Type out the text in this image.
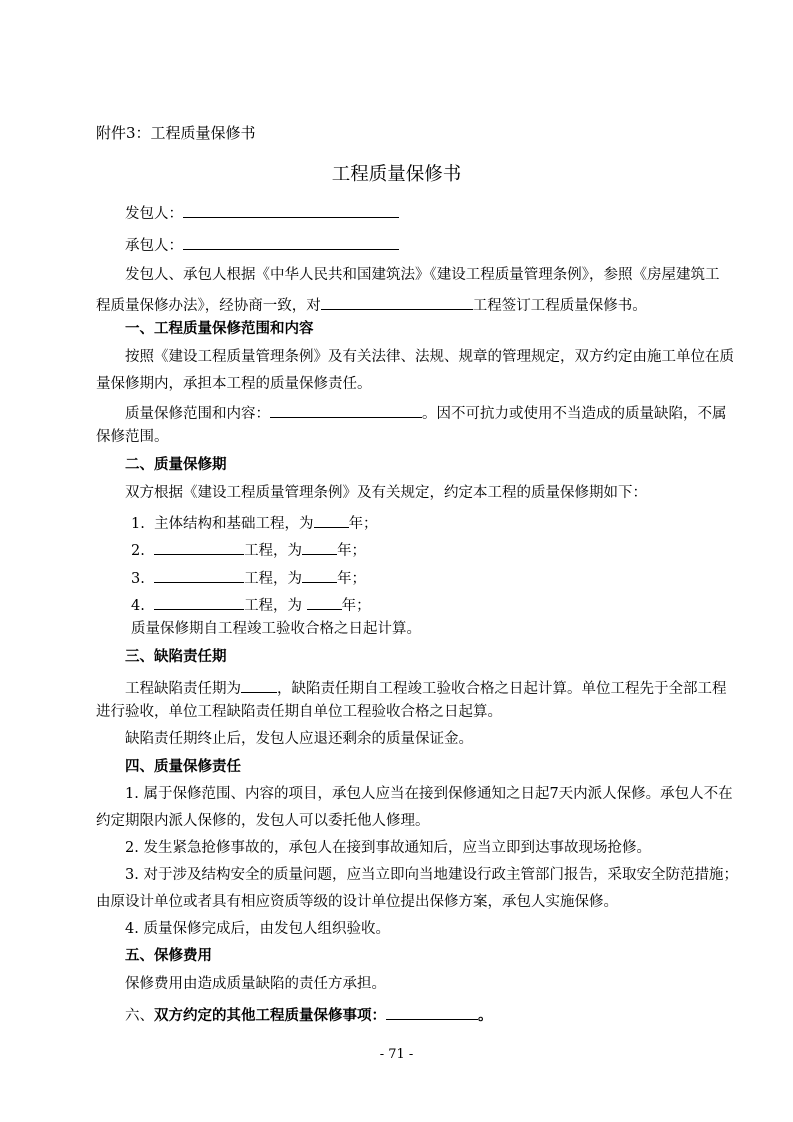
附件3：工程质量保修书
工程质量保修书
发包人：
承包人：
发包人、承包人根据《中华人民共和国建筑法》《建设工程质量管理条例》，参照《房屋建筑工
程质量保修办法》，经协商一致，对	工程签订工程质量保修书。
一、工程质量保修范围和内容
按照《建设工程质量管理条例》及有关法律、法规、规章的管理规定，双方约定由施工单位在质
量保修期内，承担本工程的质量保修责任。
质量保修范围和内容：	。因不可抗力或使用不当造成的质量缺陷，不属
保修范围。
二、质量保修期
双方根据《建设工程质量管理条例》及有关规定，约定本工程的质量保修期如下：
1. 主体结构和基础工程，为 年；
2.	工程，为 年；
3.	工程，为 年；
4.	工程，为 年；
质量保修期自工程竣工验收合格之日起计算。
三、缺陷责任期
工程缺陷责任期为 ，缺陷责任期自工程竣工验收合格之日起计算。单位工程先于全部工程
进行验收，单位工程缺陷责任期自单位工程验收合格之日起算。
缺陷责任期终止后，发包人应退还剩余的质量保证金。
四、质量保修责任
1. 属于保修范围、内容的项目，承包人应当在接到保修通知之日起7天内派人保修。承包人不在
约定期限内派人保修的，发包人可以委托他人修理。
2. 发生紧急抢修事故的，承包人在接到事故通知后，应当立即到达事故现场抢修。
3. 对于涉及结构安全的质量问题，应当立即向当地建设行政主管部门报告，采取安全防范措施；
由原设计单位或者具有相应资质等级的设计单位提出保修方案，承包人实施保修。
4. 质量保修完成后，由发包人组织验收。
五、保修费用
保修费用由造成质量缺陷的责任方承担。
六、双方约定的其他工程质量保修事项：	。
- 71 -
